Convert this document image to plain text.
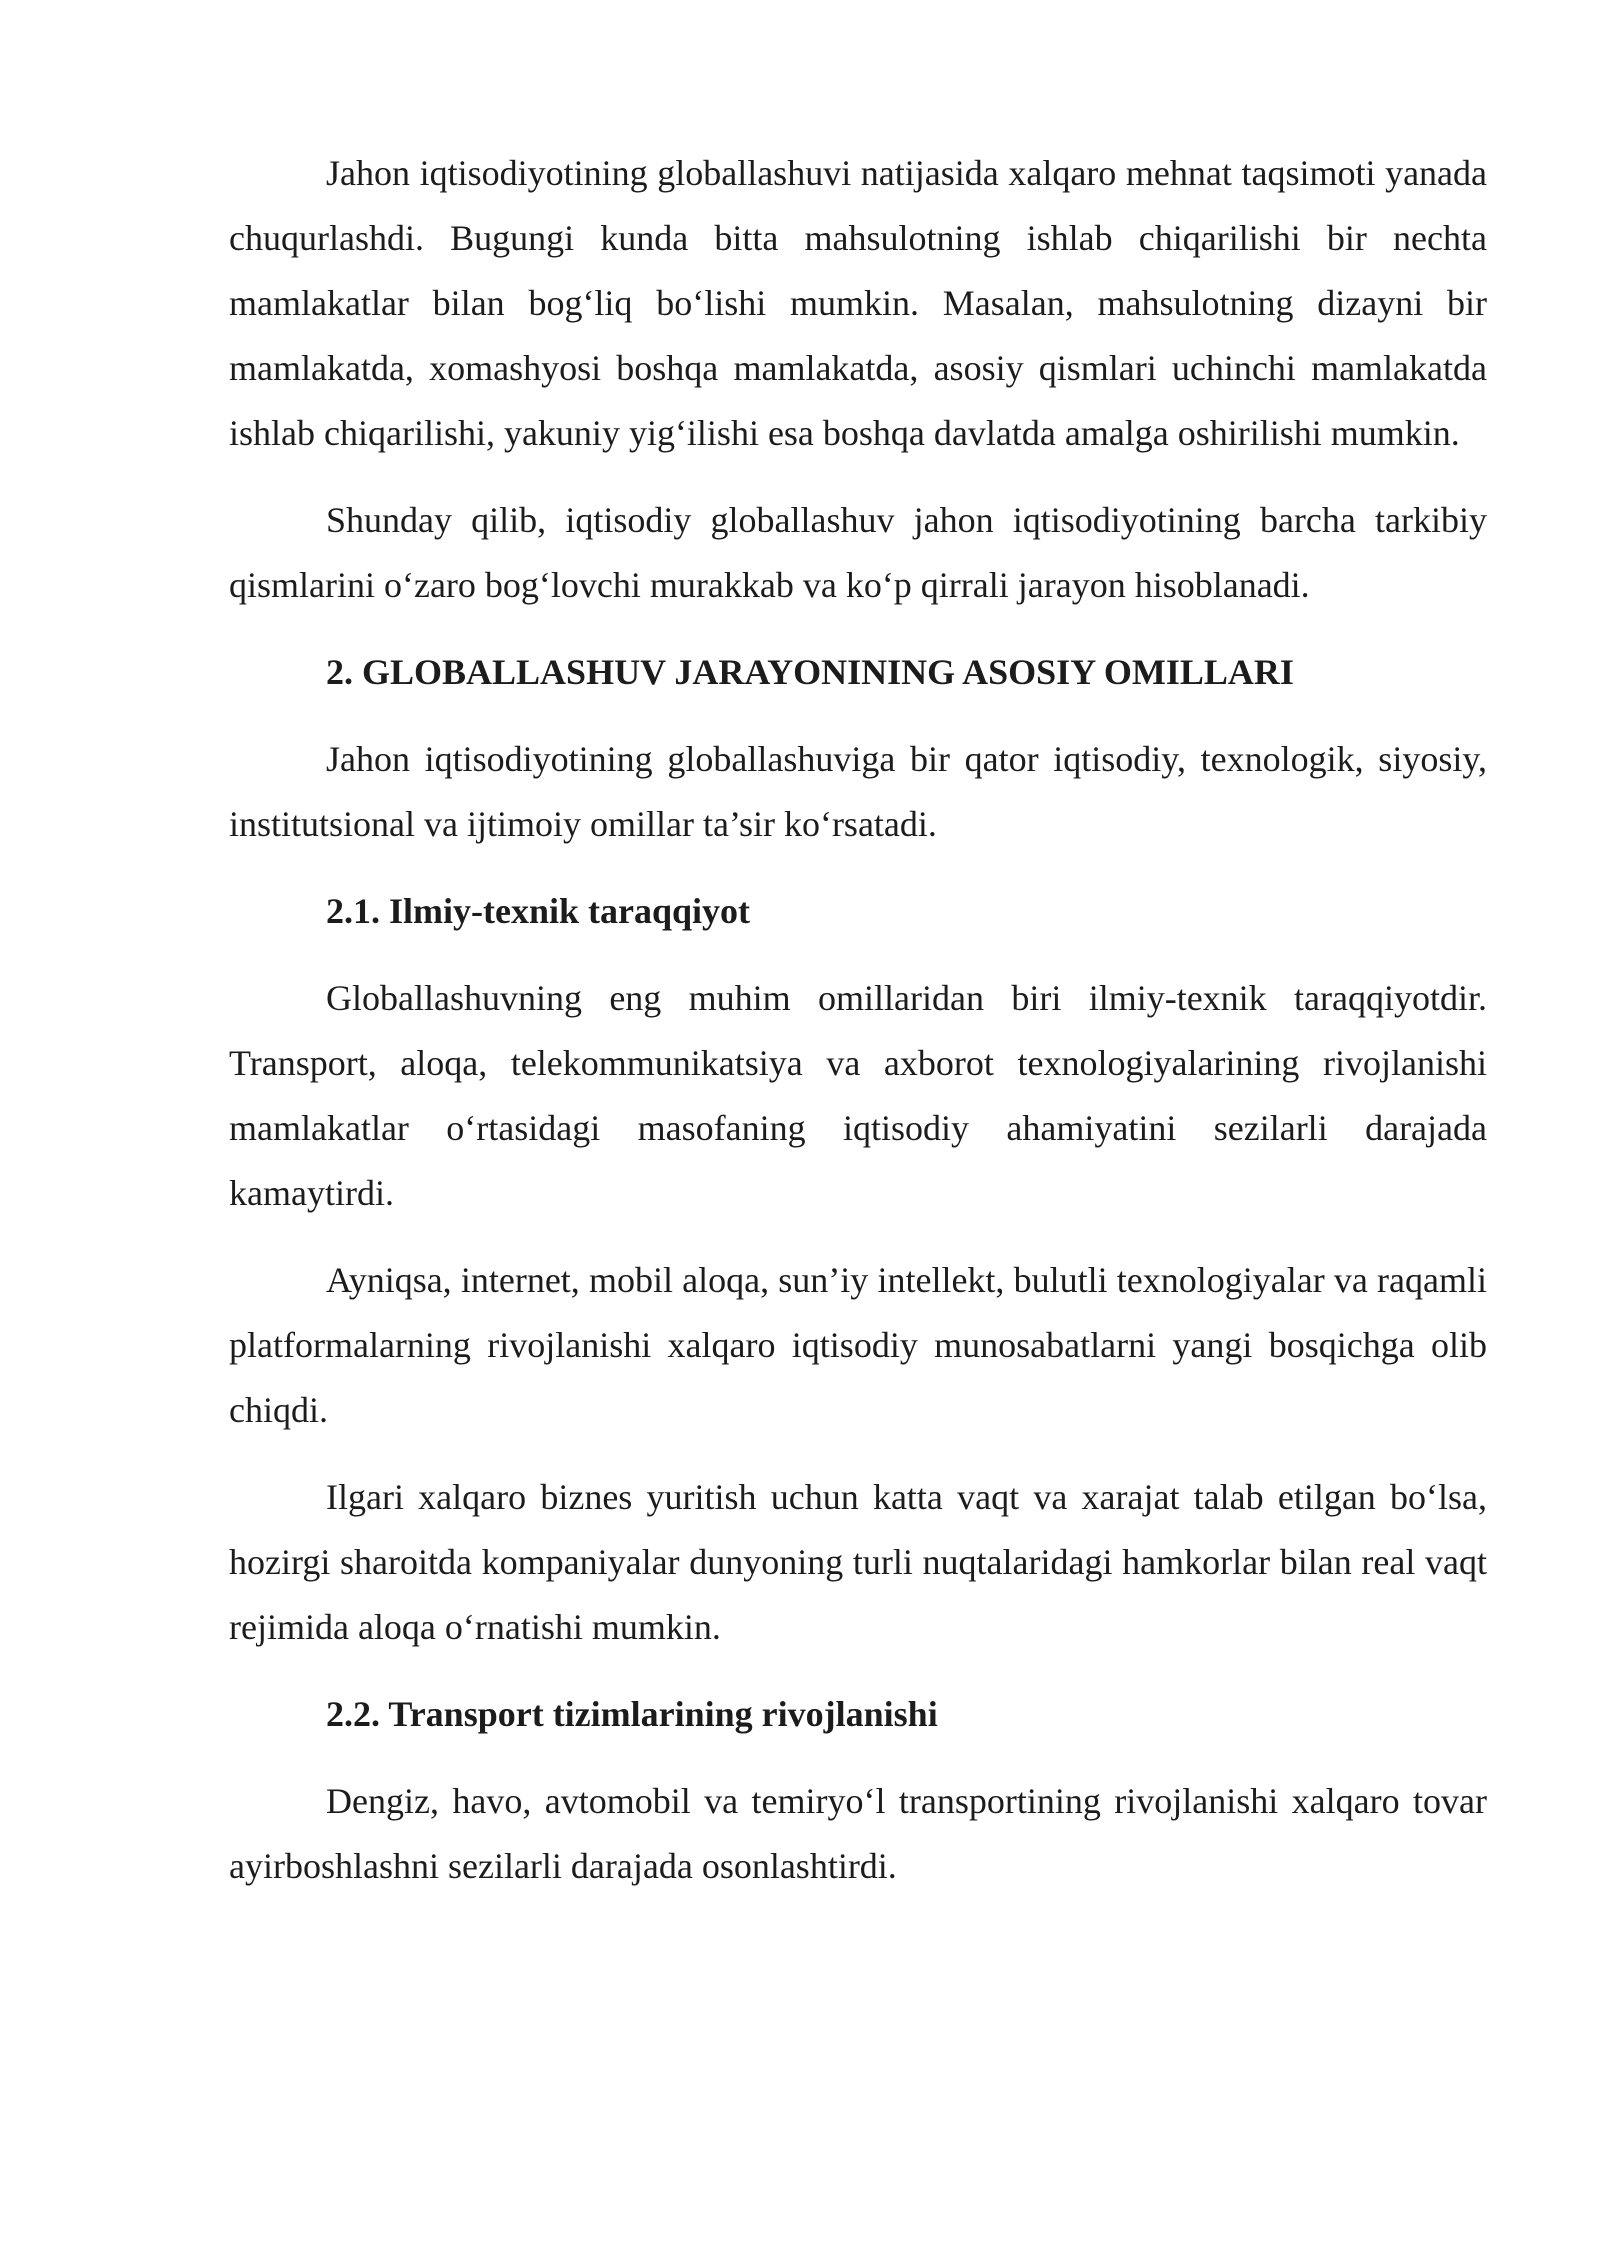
Jahon iqtisodiyotining globallashuvi natijasida xalqaro mehnat taqsimoti yanada chuqurlashdi. Bugungi kunda bitta mahsulotning ishlab chiqarilishi bir nechta mamlakatlar bilan bog‘liq bo‘lishi mumkin. Masalan, mahsulotning dizayni bir mamlakatda, xomashyosi boshqa mamlakatda, asosiy qismlari uchinchi mamlakatda ishlab chiqarilishi, yakuniy yig‘ilishi esa boshqa davlatda amalga oshirilishi mumkin.

Shunday qilib, iqtisodiy globallashuv jahon iqtisodiyotining barcha tarkibiy qismlarini o‘zaro bog‘lovchi murakkab va ko‘p qirrali jarayon hisoblanadi.

2. GLOBALLASHUV JARAYONINING ASOSIY OMILLARI

Jahon iqtisodiyotining globallashuviga bir qator iqtisodiy, texnologik, siyosiy, institutsional va ijtimoiy omillar ta’sir ko‘rsatadi.

2.1. Ilmiy-texnik taraqqiyot

Globallashuvning eng muhim omillaridan biri ilmiy-texnik taraqqiyotdir. Transport, aloqa, telekommunikatsiya va axborot texnologiyalarining rivojlanishi mamlakatlar o‘rtasidagi masofaning iqtisodiy ahamiyatini sezilarli darajada kamaytirdi.

Ayniqsa, internet, mobil aloqa, sun’iy intellekt, bulutli texnologiyalar va raqamli platformalarning rivojlanishi xalqaro iqtisodiy munosabatlarni yangi bosqichga olib chiqdi.

Ilgari xalqaro biznes yuritish uchun katta vaqt va xarajat talab etilgan bo‘lsa, hozirgi sharoitda kompaniyalar dunyoning turli nuqtalaridagi hamkorlar bilan real vaqt rejimida aloqa o‘rnatishi mumkin.

2.2. Transport tizimlarining rivojlanishi

Dengiz, havo, avtomobil va temiryo‘l transportining rivojlanishi xalqaro tovar ayirboshlashni sezilarli darajada osonlashtirdi.
